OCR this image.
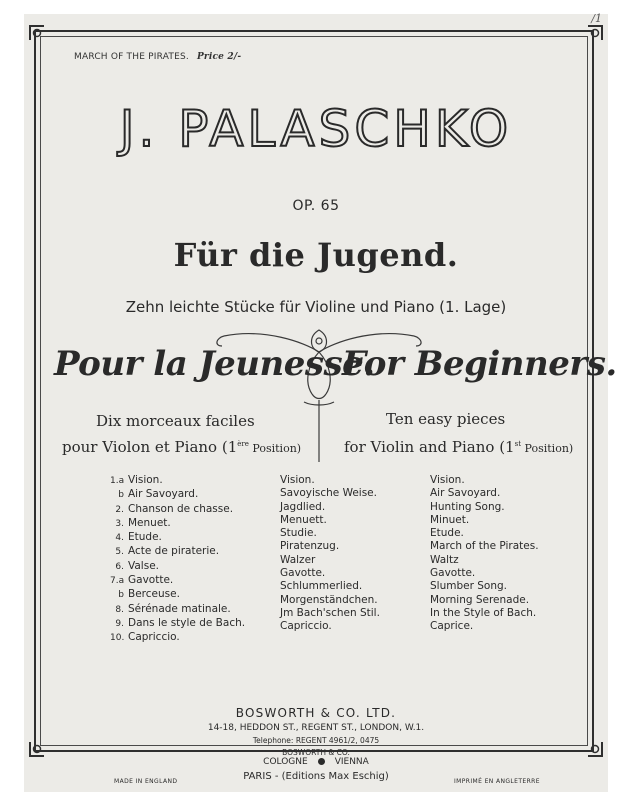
MARCH OF THE PIRATES. Price 2/-
/1
J. PALASCHKO
OP. 65
Für die Jugend.
Zehn leichte Stücke für Violine und Piano (1. Lage)
Pour la Jeunesse.
For Beginners.
Dix morceaux faciles
pour Violon et Piano (1ère Position)
Ten easy pieces
for Violin and Piano (1st Position)
1.a Vision.
b Air Savoyard.
2. Chanson de chasse.
3. Menuet.
4. Etude.
5. Acte de piraterie.
6. Valse.
7.a Gavotte.
b Berceuse.
8. Sérénade matinale.
9. Dans le style de Bach.
10. Capriccio.
Vision.
Savoyische Weise.
Jagdlied.
Menuett.
Studie.
Piratenzug.
Walzer
Gavotte.
Schlummerlied.
Morgenständchen.
Jm Bach'schen Stil.
Capriccio.
Vision.
Air Savoyard.
Hunting Song.
Minuet.
Etude.
March of the Pirates.
Waltz
Gavotte.
Slumber Song.
Morning Serenade.
In the Style of Bach.
Caprice.
BOSWORTH & CO. LTD.
14-18, HEDDON ST., REGENT ST., LONDON, W.1.
Telephone: REGENT 4961/2, 0475
BOSWORTH & CO.
COLOGNE	VIENNA
PARIS - (Editions Max Eschig)
MADE IN ENGLAND	IMPRIMÉ EN ANGLETERRE
